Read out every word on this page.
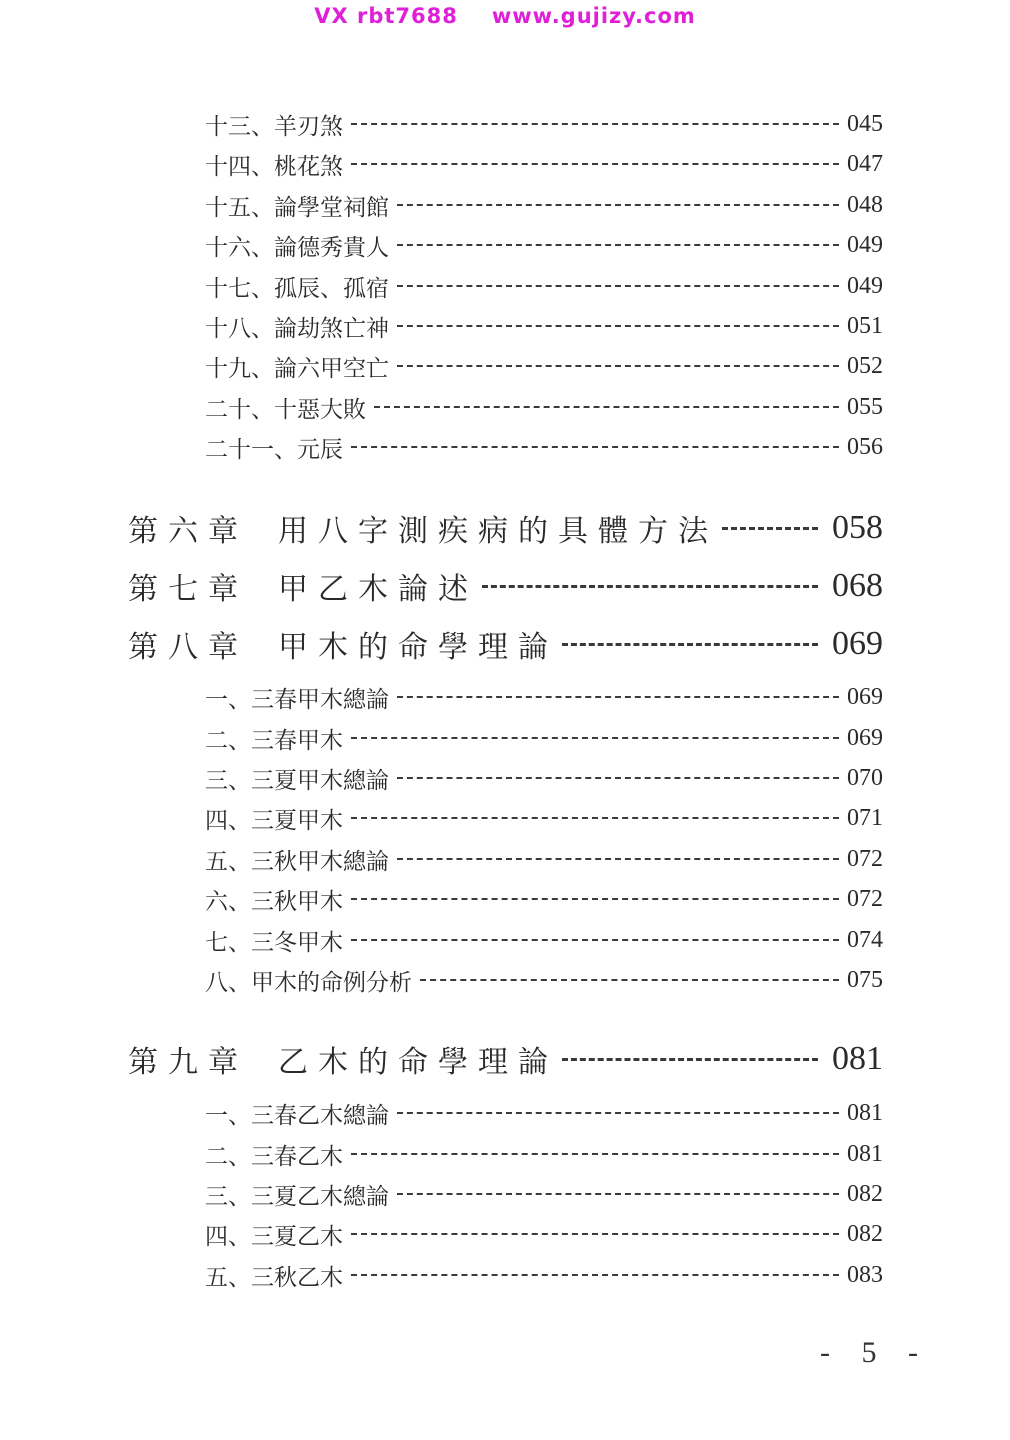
VX rbt7688 www.gujizy.com
十三、羊刃煞	045
十四、桃花煞	047
十五、論學堂祠館	048
十六、論德秀貴人	049
十七、孤辰、孤宿	049
十八、論劫煞亡神	051
十九、論六甲空亡	052
二十、十惡大敗	055
二十一、元辰	056
第六章 用八字測疾病的具體方法	058
第七章 甲乙木論述	068
第八章 甲木的命學理論	069
一、三春甲木總論	069
二、三春甲木	069
三、三夏甲木總論	070
四、三夏甲木	071
五、三秋甲木總論	072
六、三秋甲木	072
七、三冬甲木	074
八、甲木的命例分析	075
第九章 乙木的命學理論	081
一、三春乙木總論	081
二、三春乙木	081
三、三夏乙木總論	082
四、三夏乙木	082
五、三秋乙木	083
- 5 -
